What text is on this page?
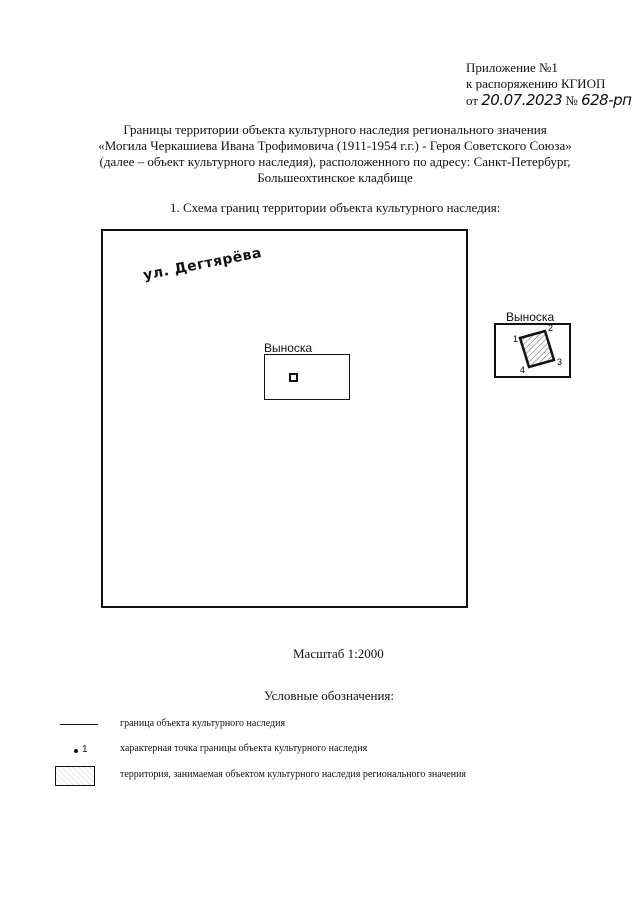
Приложение №1
к распоряжению КГИОП
от 20.07.2023 № 628-рп
Границы территории объекта культурного наследия регионального значения
«Могила Черкашиева Ивана Трофимовича (1911-1954 г.г.) - Героя Советского Союза»
(далее – объект культурного наследия), расположенного по адресу: Санкт-Петербург,
Большеохтинское кладбище
1. Схема границ территории объекта культурного наследия:
ул. Дегтярёва
Выноска
Выноска
1
2
3
4
Масштаб 1:2000
Условные обозначения:
граница объекта культурного наследия
1	характерная точка границы объекта культурного наследия
территория, занимаемая объектом культурного наследия регионального значения
